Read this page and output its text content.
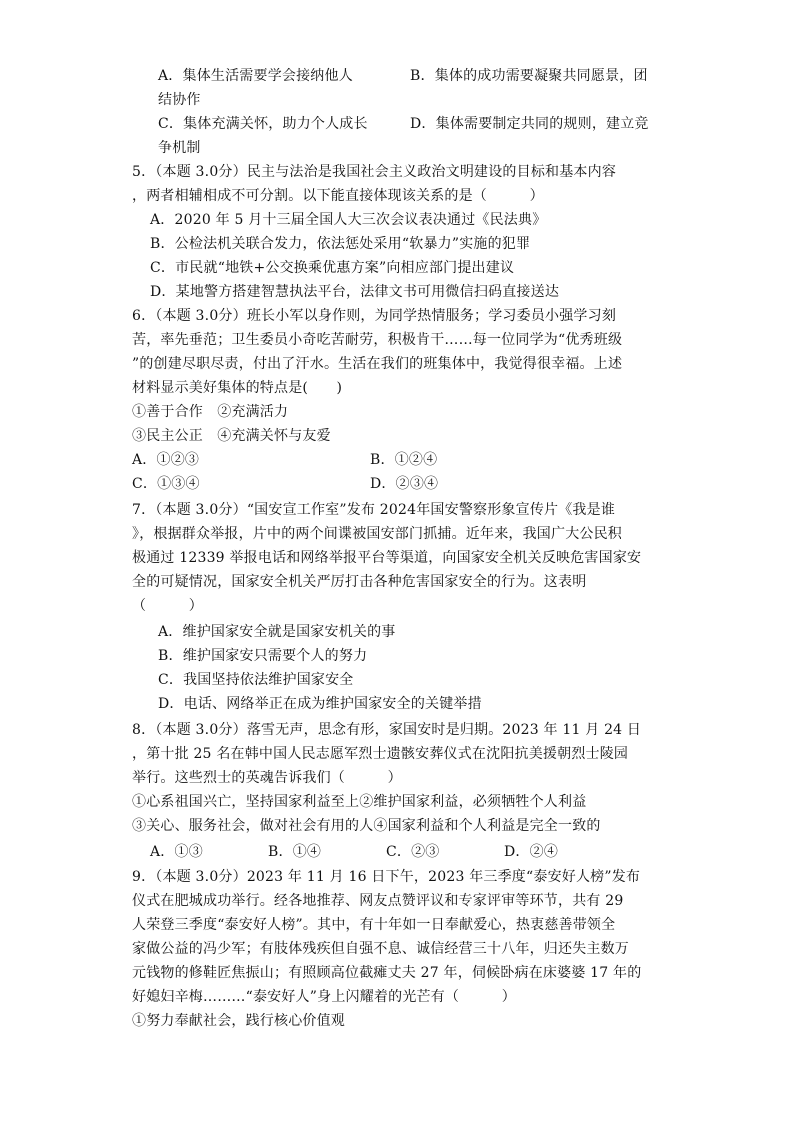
A．集体生活需要学会接纳他人	B．集体的成功需要凝聚共同愿景，团
结协作
C．集体充满关怀，助力个人成长	D．集体需要制定共同的规则，建立竞
争机制
5．（本题 3.0分）民主与法治是我国社会主义政治文明建设的目标和基本内容
，两者相辅相成不可分割。以下能直接体现该关系的是（　　　）
A．2020 年 5 月十三届全国人大三次会议表决通过《民法典》
B．公检法机关联合发力，依法惩处采用“软暴力”实施的犯罪
C．市民就“地铁+公交换乘优惠方案”向相应部门提出建议
D．某地警方搭建智慧执法平台，法律文书可用微信扫码直接送达
6．（本题 3.0分）班长小军以身作则，为同学热情服务；学习委员小强学习刻
苦，率先垂范；卫生委员小奇吃苦耐劳，积极肯干……每一位同学为“优秀班级
”的创建尽职尽责，付出了汗水。生活在我们的班集体中，我觉得很幸福。上述
材料显示美好集体的特点是(　　)
①善于合作　②充满活力
③民主公正　④充满关怀与友爱
A．①②③	B．①②④
C．①③④	D．②③④
7．（本题 3.0分）“国安宣工作室”发布 2024年国安警察形象宣传片《我是谁
》，根据群众举报，片中的两个间谍被国安部门抓捕。近年来，我国广大公民积
极通过 12339 举报电话和网络举报平台等渠道，向国家安全机关反映危害国家安
全的可疑情况，国家安全机关严厉打击各种危害国家安全的行为。这表明
（　　　）
A．维护国家安全就是国家安机关的事
B．维护国家安只需要个人的努力
C．我国坚持依法维护国家安全
D．电话、网络举正在成为维护国家安全的关键举措
8．（本题 3.0分）落雪无声，思念有形，家国安时是归期。2023 年 11 月 24 日
，第十批 25 名在韩中国人民志愿军烈士遗骸安葬仪式在沈阳抗美援朝烈士陵园
举行。这些烈士的英魂告诉我们（　　　）
①心系祖国兴亡，坚持国家利益至上②维护国家利益，必须牺牲个人利益
③关心、服务社会，做对社会有用的人④国家利益和个人利益是完全一致的
A．①③	B．①④	C．②③	D．②④
9．（本题 3.0分）2023 年 11 月 16 日下午，2023 年三季度“泰安好人榜”发布
仪式在肥城成功举行。经各地推荐、网友点赞评议和专家评审等环节，共有 29
人荣登三季度“泰安好人榜”。其中，有十年如一日奉献爱心，热衷慈善带领全
家做公益的冯少军；有肢体残疾但自强不息、诚信经营三十八年，归还失主数万
元钱物的修鞋匠焦振山；有照顾高位截瘫丈夫 27 年，伺候卧病在床婆婆 17 年的
好媳妇辛梅………“泰安好人”身上闪耀着的光芒有（　　　）
①努力奉献社会，践行核心价值观
